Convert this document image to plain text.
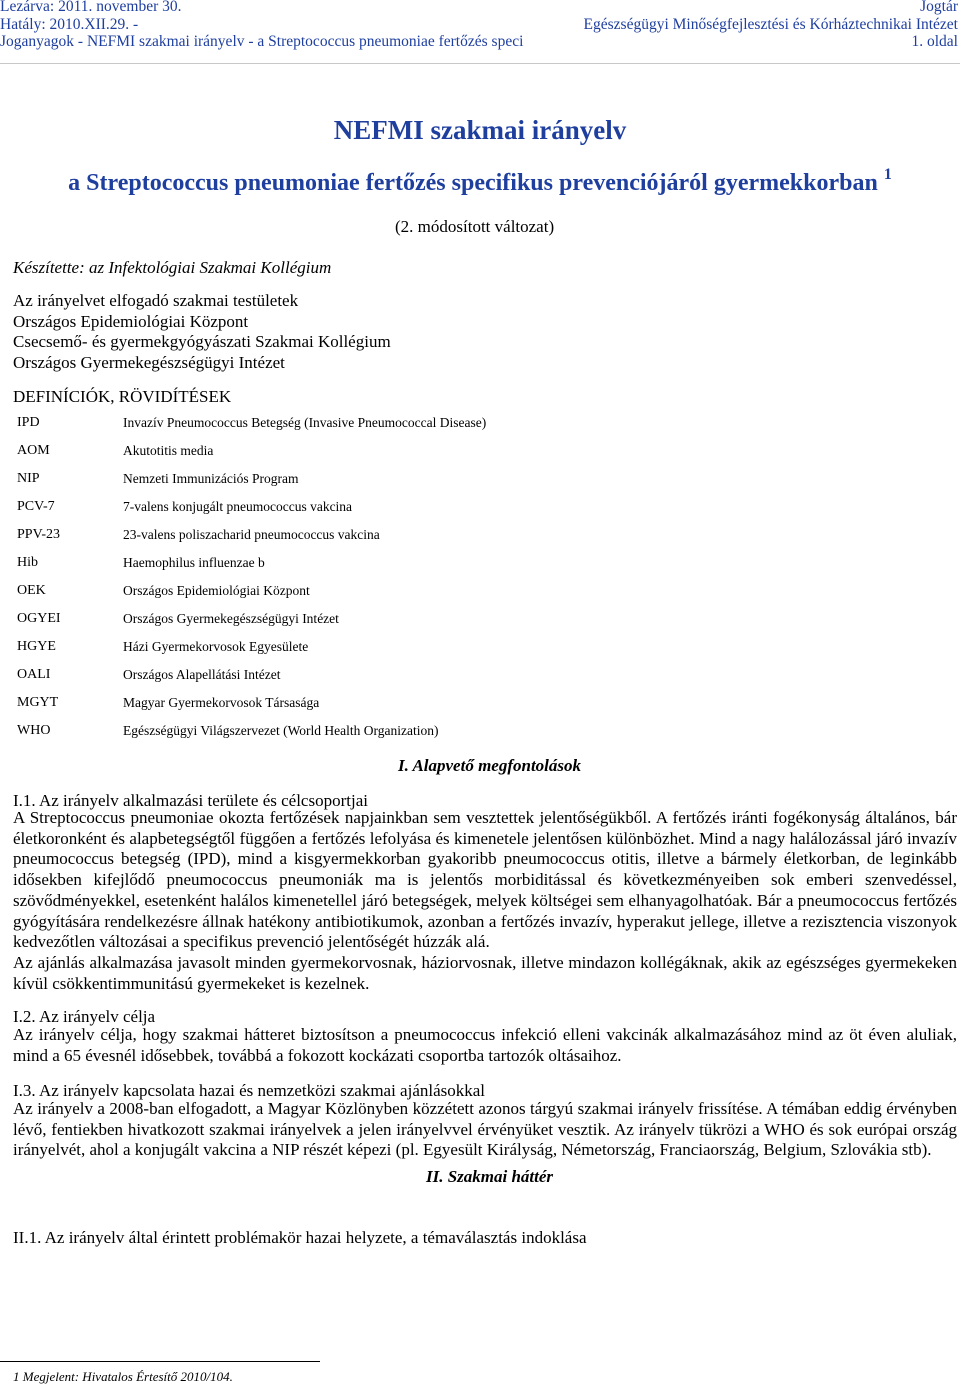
Lezárva: 2011. november 30.
Hatály: 2010.XII.29. -
Joganyagok - NEFMI szakmai irányelv - a Streptococcus pneumoniae fertőzés speci
Jogtár
Egészségügyi Minőségfejlesztési és Kórháztechnikai Intézet
1. oldal
NEFMI szakmai irányelv
a Streptococcus pneumoniae fertőzés specifikus prevenciójáról gyermekkorban $^1$
(2. módosított változat)
Készítette: az Infektológiai Szakmai Kollégium
Az irányelvet elfogadó szakmai testületek
Országos Epidemiológiai Központ
Csecsemő- és gyermekgyógyászati Szakmai Kollégium
Országos Gyermekegészségügyi Intézet
DEFINÍCIÓK, RÖVIDÍTÉSEK
IPD	Invazív Pneumococcus Betegség (Invasive Pneumococcal Disease)
AOM	Akutotitis media
NIP	Nemzeti Immunizációs Program
PCV-7	7-valens konjugált pneumococcus vakcina
PPV-23	23-valens poliszacharid pneumococcus vakcina
Hib	Haemophilus influenzae b
OEK	Országos Epidemiológiai Központ
OGYEI	Országos Gyermekegészségügyi Intézet
HGYE	Házi Gyermekorvosok Egyesülete
OALI	Országos Alapellátási Intézet
MGYT	Magyar Gyermekorvosok Társasága
WHO	Egészségügyi Világszervezet (World Health Organization)
I. Alapvető megfontolások
I.1. Az irányelv alkalmazási területe és célcsoportjai
A Streptococcus pneumoniae okozta fertőzések napjainkban sem vesztettek jelentőségükből. A fertőzés iránti fogékonyság általános, bár életkoronként és alapbetegségtől függően a fertőzés lefolyása és kimenetele jelentősen különbözhet. Mind a nagy halálozással járó invazív pneumococcus betegség (IPD), mind a kisgyermekkorban gyakoribb pneumococcus otitis, illetve a bármely életkorban, de leginkább idősekben kifejlődő pneumococcus pneumoniák ma is jelentős morbiditással és következményeiben sok emberi szenvedéssel, szövődményekkel, esetenként halálos kimenetellel járó betegségek, melyek költségei sem elhanyagolhatóak. Bár a pneumococcus fertőzés gyógyítására rendelkezésre állnak hatékony antibiotikumok, azonban a fertőzés invazív, hyperakut jellege, illetve a rezisztencia viszonyok kedvezőtlen változásai a specifikus prevenció jelentőségét húzzák alá.
Az ajánlás alkalmazása javasolt minden gyermekorvosnak, háziorvosnak, illetve mindazon kollégáknak, akik az egészséges gyermekeken kívül csökkentimmunitású gyermekeket is kezelnek.
I.2. Az irányelv célja
Az irányelv célja, hogy szakmai hátteret biztosítson a pneumococcus infekció elleni vakcinák alkalmazásához mind az öt éven aluliak, mind a 65 évesnél idősebbek, továbbá a fokozott kockázati csoportba tartozók oltásaihoz.
I.3. Az irányelv kapcsolata hazai és nemzetközi szakmai ajánlásokkal
Az irányelv a 2008-ban elfogadott, a Magyar Közlönyben közzétett azonos tárgyú szakmai irányelv frissítése. A témában eddig érvényben lévő, fentiekben hivatkozott szakmai irányelvek a jelen irányelvvel érvényüket vesztik. Az irányelv tükrözi a WHO és sok európai ország irányelvét, ahol a konjugált vakcina a NIP részét képezi (pl. Egyesült Királyság, Németország, Franciaország, Belgium, Szlovákia stb).
II. Szakmai háttér
II.1. Az irányelv által érintett problémakör hazai helyzete, a témaválasztás indoklása
1 Megjelent: Hivatalos Értesítő 2010/104.
